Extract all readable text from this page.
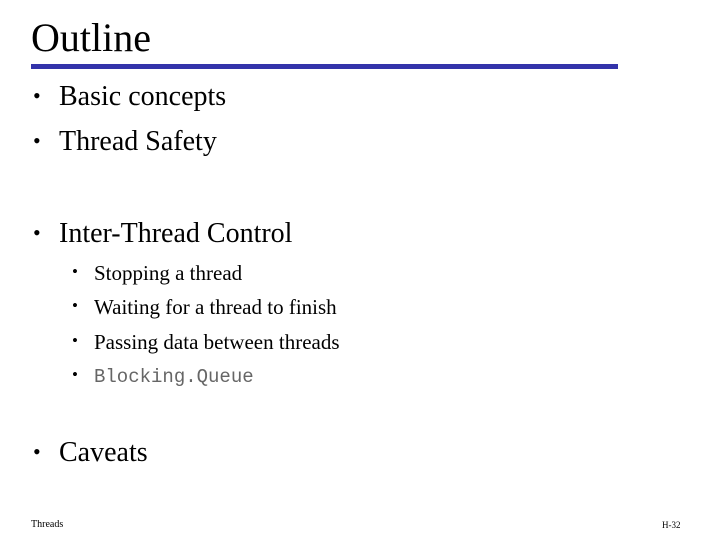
Outline
• Basic concepts
• Thread Safety
• Inter-Thread Control
• Stopping a thread
• Waiting for a thread to finish
• Passing data between threads
• Blocking.Queue
• Caveats
Threads	H-32
